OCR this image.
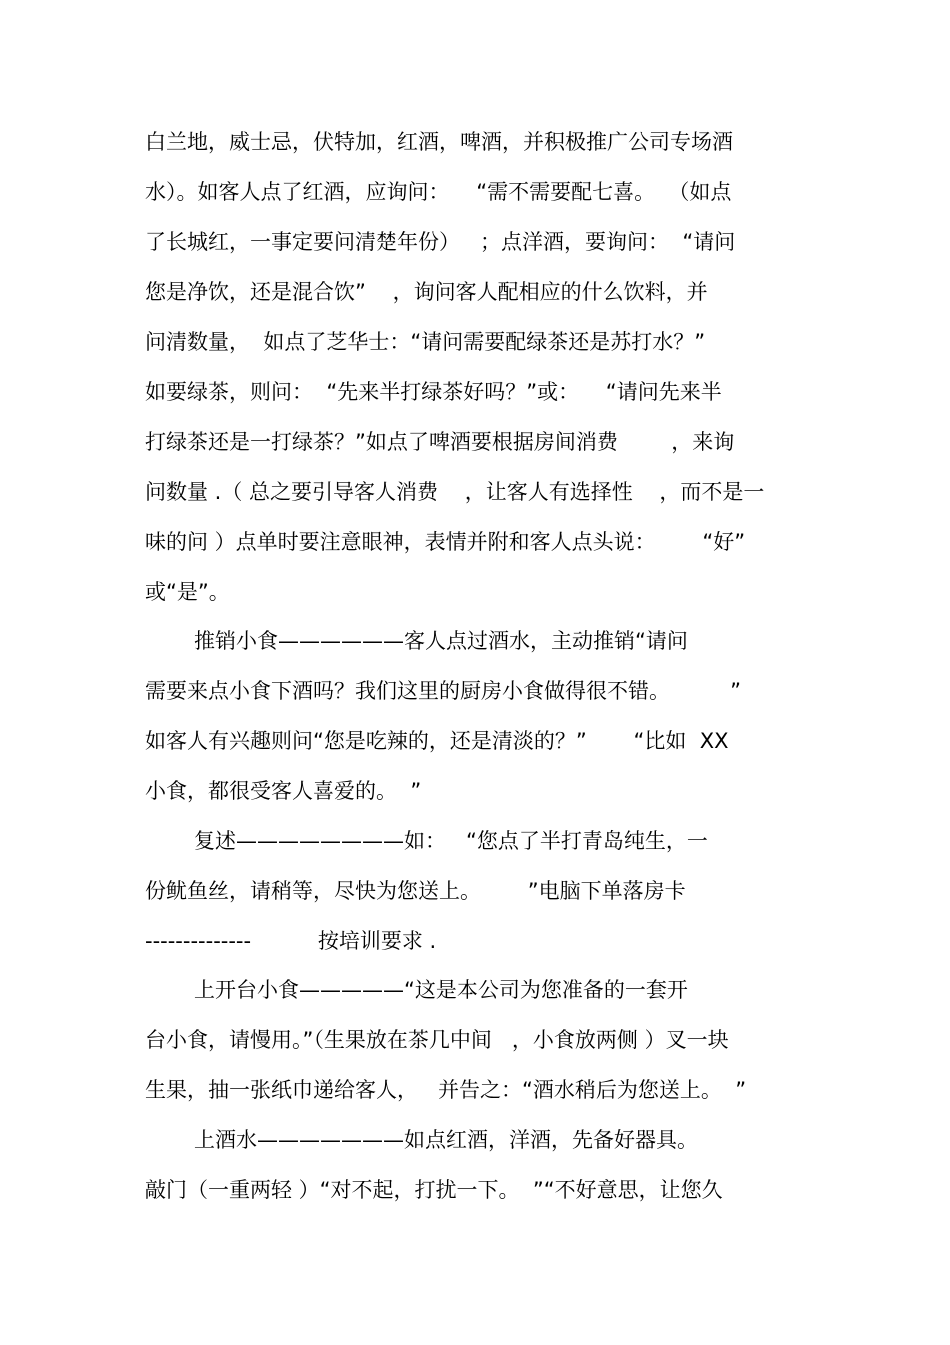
白兰地，威士忌，伏特加，红酒，啤酒，并积极推广公司专场酒
水）。如客人点了红酒，应询问：    “需不需要配七喜。  （如点
了长城红，一事定要问清楚年份）   ；点洋酒，要询问：  “请问
您是净饮，还是混合饮”    ，询问客人配相应的什么饮料，并
问清数量，  如点了芝华士：“请问需要配绿茶还是苏打水？”
如要绿茶，则问：  “先来半打绿茶好吗？”或：    “请问先来半
打绿茶还是一打绿茶？”如点了啤酒要根据房间消费        ，来询
问数量 .（ 总之要引导客人消费    ，让客人有选择性    ，而不是一
味的问 ）点单时要注意眼神，表情并附和客人点头说：       “好”
或“是”。
推销小食——————客人点过酒水，主动推销“请问
需要来点小食下酒吗？我们这里的厨房小食做得很不错。         ”
如客人有兴趣则问“您是吃辣的，还是清淡的？”       “比如  XX
小食，都很受客人喜爱的。  ”
复述————————如：   “您点了半打青岛纯生，一
份鱿鱼丝，请稍等，尽快为您送上。       ”电脑下单落房卡
--------------          按培训要求 .
上开台小食—————“这是本公司为您准备的一套开
台小食，请慢用。”（生果放在茶几中间   ，小食放两侧 ）叉一块
生果，抽一张纸巾递给客人，   并告之：“酒水稍后为您送上。  ”
上酒水———————如点红酒，洋酒，先备好器具。
敲门（一重两轻 ）“对不起，打扰一下。  ”“不好意思，让您久
